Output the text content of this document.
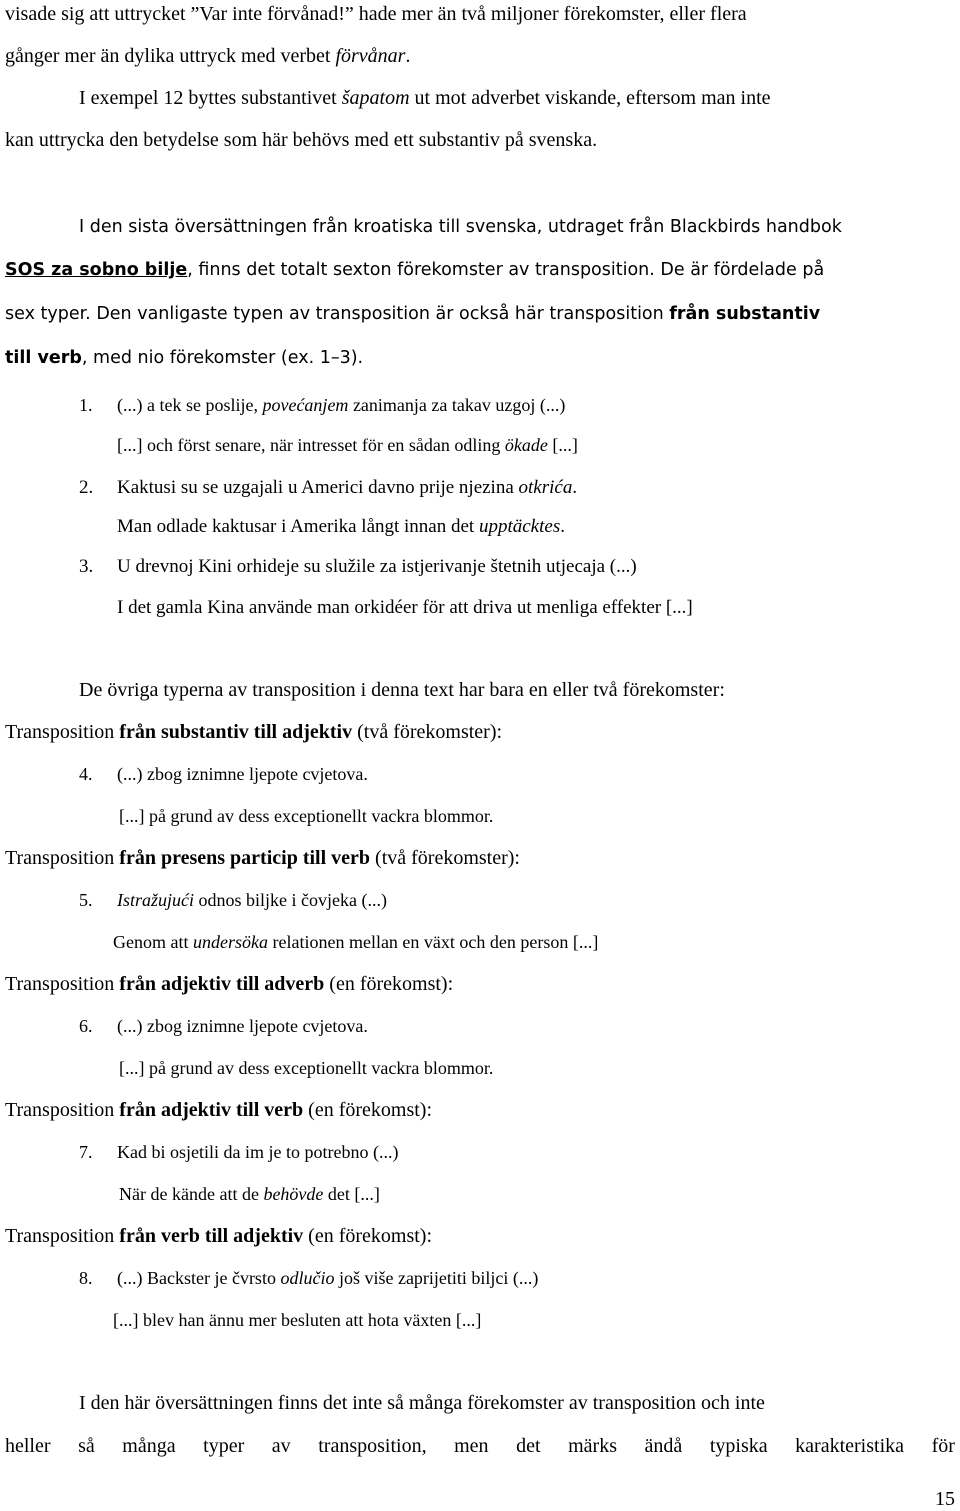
visade sig att uttrycket ”Var inte förvånad!” hade mer än två miljoner förekomster, eller flera
gånger mer än dylika uttryck med verbet förvånar.
I exempel 12 byttes substantivet šapatom ut mot adverbet viskande, eftersom man inte
kan uttrycka den betydelse som här behövs med ett substantiv på svenska.
I den sista översättningen från kroatiska till svenska, utdraget från Blackbirds handbok
SOS za sobno bilje, finns det totalt sexton förekomster av transposition. De är fördelade på
sex typer. Den vanligaste typen av transposition är också här transposition från substantiv
till verb, med nio förekomster (ex. 1–3).
1. (...) a tek se poslije, povećanjem zanimanja za takav uzgoj (...)
[...] och först senare, när intresset för en sådan odling ökade [...]
2. Kaktusi su se uzgajali u Americi davno prije njezina otkrića.
Man odlade kaktusar i Amerika långt innan det upptäcktes.
3. U drevnoj Kini orhideje su služile za istjerivanje štetnih utjecaja (...)
I det gamla Kina använde man orkidéer för att driva ut menliga effekter [...]
De övriga typerna av transposition i denna text har bara en eller två förekomster:
Transposition från substantiv till adjektiv (två förekomster):
4. (...) zbog iznimne ljepote cvjetova.
[...] på grund av dess exceptionellt vackra blommor.
Transposition från presens particip till verb (två förekomster):
5. Istražujući odnos biljke i čovjeka (...)
Genom att undersöka relationen mellan en växt och den person [...]
Transposition från adjektiv till adverb (en förekomst):
6. (...) zbog iznimne ljepote cvjetova.
[...] på grund av dess exceptionellt vackra blommor.
Transposition från adjektiv till verb (en förekomst):
7. Kad bi osjetili da im je to potrebno (...)
När de kände att de behövde det [...]
Transposition från verb till adjektiv (en förekomst):
8. (...) Backster je čvrsto odlučio još više zaprijetiti biljci (...)
[...] blev han ännu mer besluten att hota växten [...]
I den här översättningen finns det inte så många förekomster av transposition och inte
heller så många typer av transposition, men det märks ändå typiska karakteristika för
15
